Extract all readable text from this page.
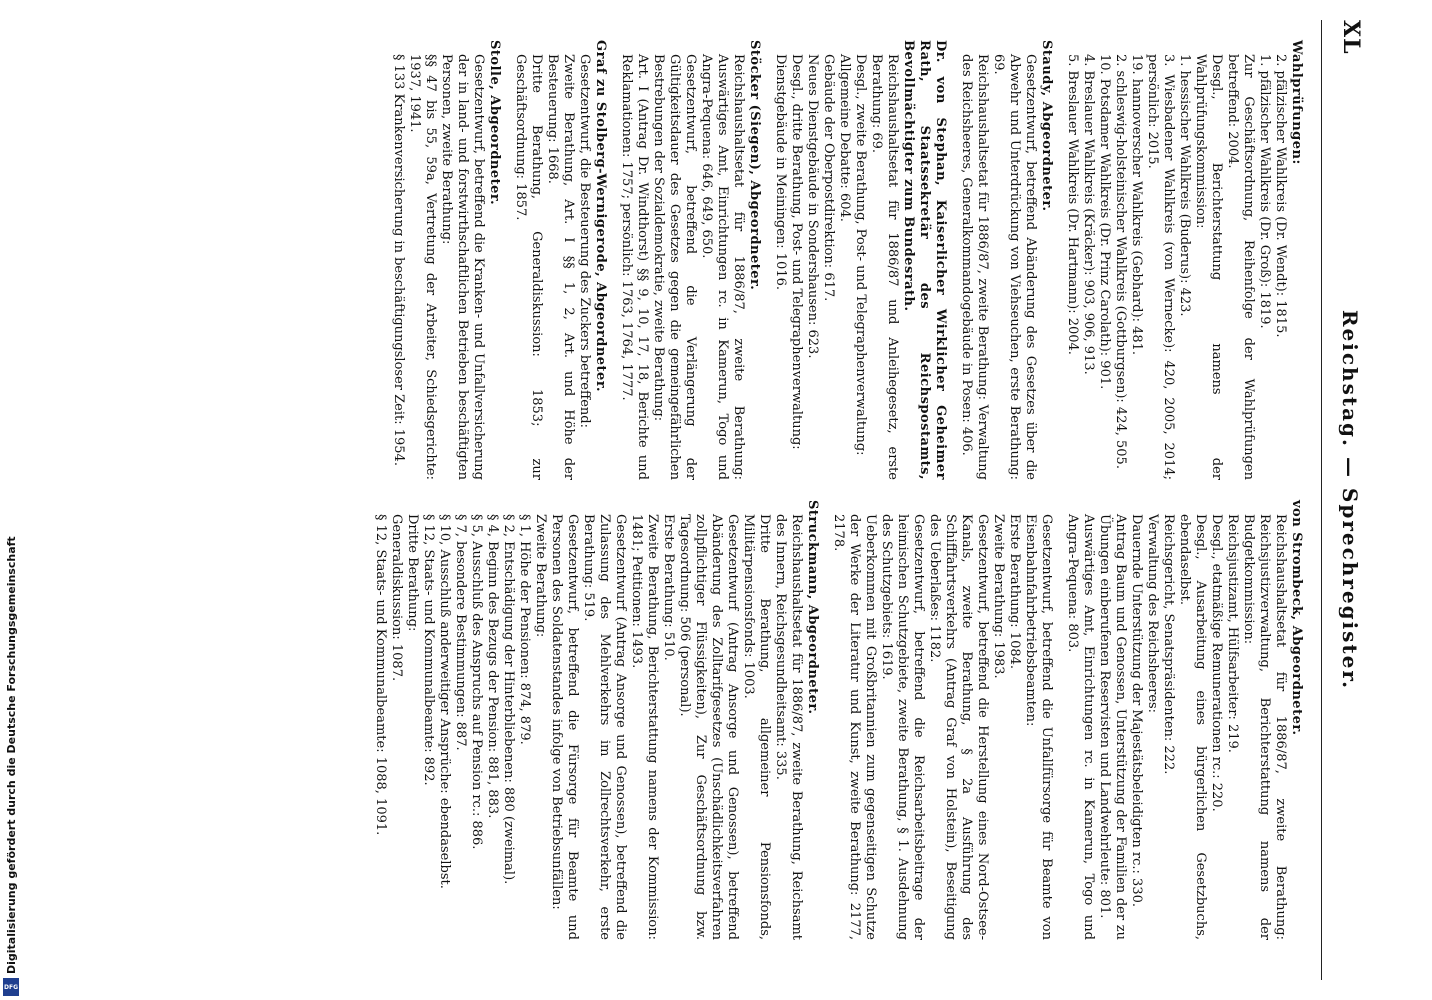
Digitalisierung gefördert durch die Deutsche Forschungsgemeinschaft
DFG
XL
Reichstag. — Sprechregister.
Wahlprüfungen:
2. pfälzischer Wahlkreis (Dr. Wendt): 1815.
1. pfälzischer Wahlkreis (Dr. Groß): 1819.
Zur Geschäftsordnung, Reihenfolge der Wahlprüfungen betreffend: 2004.
Desgl., Berichterstattung namens der Wahlprüfungskommission:
1. hessischer Wahlkreis (Buderus): 423.
3. Wiesbadener Wahlkreis (von Wernecke): 420, 2005, 2014; persönlich: 2015.
19. hannoverscher Wahlkreis (Gebhard): 481.
2. schleswig-holsteinischer Wahlkreis (Gottburgsen): 424, 505.
10. Potsdamer Wahlkreis (Dr. Prinz Carolath): 901.
4. Breslauer Wahlkreis (Kräcker): 903, 906, 913.
5. Breslauer Wahlkreis (Dr. Hartmann): 2004.
Staudy, Abgeordneter.
Gesetzentwurf, betreffend Abänderung des Gesetzes über die Abwehr und Unterdrückung von Viehseuchen, erste Berathung: 69.
Reichshaushaltsetat für 1886/87, zweite Berathung: Verwaltung des Reichsheeres, Generalkommandogebäude in Posen: 406.
Dr. von Stephan, Kaiserlicher Wirklicher Geheimer Rath, Staatssekretär des Reichspostamts, Bevollmächtigter zum Bundesrath.
Reichshaushaltsetat für 1886/87 und Anleihegesetz, erste Berathung: 69.
Desgl., zweite Berathung, Post- und Telegraphenverwaltung:
Allgemeine Debatte: 604.
Gebäude der Oberpostdirektion: 617.
Neues Dienstgebäude in Sondershausen: 623.
Desgl., dritte Berathung, Post- und Telegraphenverwaltung:
Dienstgebäude in Meiningen: 1016.
Stöcker (Siegen), Abgeordneter.
Reichshaushaltsetat für 1886/87, zweite Berathung: Auswärtiges Amt, Einrichtungen rc. in Kamerun, Togo und Angra-Pequena: 646, 649, 650.
Gesetzentwurf, betreffend die Verlängerung der Gültigkeitsdauer des Gesetzes gegen die gemeingefährlichen Bestrebungen der Sozialdemokratie, zweite Berathung:
Art. I (Antrag Dr. Windthorst) §§ 9, 10, 17, 18, Berichte und Reklamationen: 1757; persönlich: 1763, 1764, 1777.
Graf zu Stolberg-Wernigerode, Abgeordneter.
Gesetzentwurf, die Besteuerung des Zuckers betreffend:
Zweite Berathung, Art. I §§ 1, 2, Art. und Höhe der Besteuerung: 1668.
Dritte Berathung, Generaldiskussion: 1853; zur Geschäftsordnung: 1857.
Stolle, Abgeordneter.
Gesetzentwurf, betreffend die Kranken- und Unfallversicherung der in land- und forstwirthschaftlichen Betrieben beschäftigten Personen, zweite Berathung:
§§ 47 bis 55, 59a, Vertretung der Arbeiter, Schiedsgerichte: 1937, 1941.
§ 133 Krankenversicherung in beschäftigungsloser Zeit: 1954.
von Strombeck, Abgeordneter.
Reichshaushaltsetat für 1886/87, zweite Berathung: Reichsjustizverwaltung, Berichterstattung namens der Budgetkommission:
Reichsjustizamt, Hülfsarbeiter: 219.
Desgl., etatmäßige Remunerationen rc.: 220.
Desgl., Ausarbeitung eines bürgerlichen Gesetzbuchs, ebendaselbst.
Reichsgericht, Senatspräsidenten: 222.
Verwaltung des Reichsheeres:
Dauernde Unterstützung der Majestätsbeleidigten rc.: 330.
Antrag Baum und Genossen, Unterstützung der Familien der zu Übungen einberufenen Reservisten und Landwehrleute: 801.
Auswärtiges Amt, Einrichtungen rc. in Kamerun, Togo und Angra-Pequena: 803.
Gesetzentwurf, betreffend die Unfallfürsorge für Beamte von Eisenbahnfahrbetriebsbeamten:
Erste Berathung: 1084.
Zweite Berathung: 1983.
Gesetzentwurf, betreffend die Herstellung eines Nord-Ostsee-Kanals, zweite Berathung, § 2a Ausführung des Schifffahrtsverkehrs (Antrag Graf von Holstein), Beseitigung des Ueberlaßes: 1182.
Gesetzentwurf, betreffend die Reichsarbeitsbeitrage der heimischen Schutzgebiete, zweite Berathung, § 1. Ausdehnung des Schutzgebiets: 1619.
Ueberkommen mit Großbritannien zum gegenseitigen Schutze der Werke der Literatur und Kunst, zweite Berathung: 2177, 2178.
Struckmann, Abgeordneter.
Reichshaushaltsetat für 1886/87, zweite Berathung, Reichsamt des Innern, Reichsgesundheitsamt: 335.
Dritte Berathung, allgemeiner Pensionsfonds, Militärpensionsfonds: 1003.
Gesetzentwurf (Antrag Ansorge und Genossen), betreffend Abänderung des Zolltarifgesetzes (Unschädlichkeitsverfahren zollpflichtiger Flüssigkeiten), Zur Geschäftsordnung bzw. Tagesordnung: 506 (personal).
Erste Berathung: 510.
Zweite Berathung, Berichterstattung namens der Kommission: 1481; Petitionen: 1493.
Gesetzentwurf (Antrag Ansorge und Genossen), betreffend die Zulassung des Mehlverkehrs im Zollrechtsverkehr, erste Berathung: 519.
Gesetzentwurf, betreffend die Fürsorge für Beamte und Personen des Soldatenstandes infolge von Betriebsunfällen:
Zweite Berathung:
§ 1, Höhe der Pensionen: 874, 879.
§ 2, Entschädigung der Hinterbliebenen: 880 (zweimal).
§ 4, Beginn des Bezugs der Pension: 881, 883.
§ 5, Ausschluß des Anspruchs auf Pension rc.: 886.
§ 7, besondere Bestimmungen: 887.
§ 10, Ausschluß anderweitiger Ansprüche: ebendaselbst.
§ 12, Staats- und Kommunalbeamte: 892.
Dritte Berathung:
Generaldiskussion: 1087.
§ 12, Staats- und Kommunalbeamte: 1088, 1091.
